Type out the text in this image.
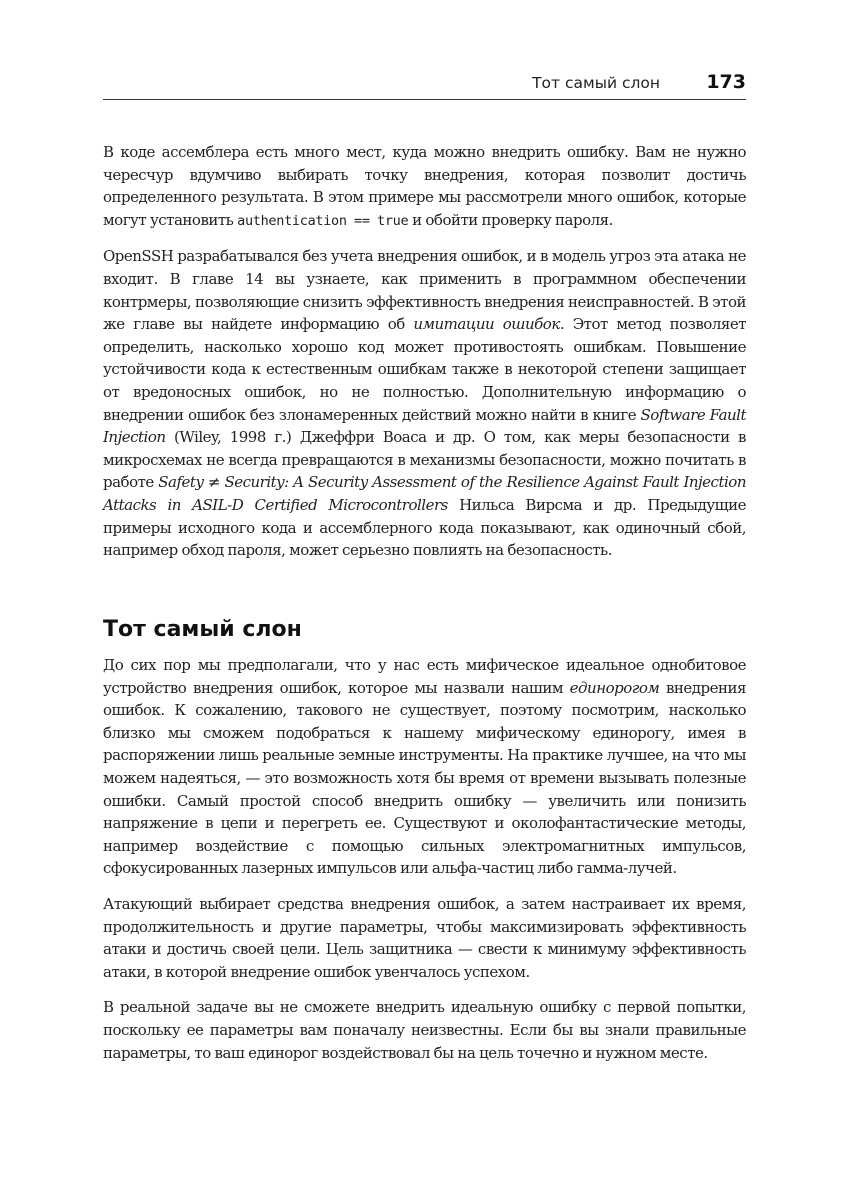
Тот самый слон 173

В коде ассемблера есть много мест, куда можно внедрить ошибку. Вам не нужно чересчур вдумчиво выбирать точку внедрения, которая позволит достичь определенного результата. В этом примере мы рассмотрели много ошибок, которые могут установить authentication == true и обойти проверку пароля.

OpenSSH разрабатывался без учета внедрения ошибок, и в модель угроз эта атака не входит. В главе 14 вы узнаете, как применить в программном обеспечении контрмеры, позволяющие снизить эффективность внедрения неисправностей. В этой же главе вы найдете информацию об имитации ошибок. Этот метод позволяет определить, насколько хорошо код может противостоять ошибкам. Повышение устойчивости кода к естественным ошибкам также в некоторой степени защищает от вредоносных ошибок, но не полностью. Дополнительную информацию о внедрении ошибок без злонамеренных действий можно найти в книге Software Fault Injection (Wiley, 1998 г.) Джеффри Воаса и др. О том, как меры безопасности в микросхемах не всегда превращаются в механизмы безопасности, можно почитать в работе Safety ≠ Security: A Security Assessment of the Resilience Against Fault Injection Attacks in ASIL-D Certified Microcontrollers Нильса Вирсма и др. Предыдущие примеры исходного кода и ассемблерного кода показывают, как одиночный сбой, например обход пароля, может серьезно повлиять на безопасность.

Тот самый слон

До сих пор мы предполагали, что у нас есть мифическое идеальное однобитовое устройство внедрения ошибок, которое мы назвали нашим единорогом внедрения ошибок. К сожалению, такового не существует, поэтому посмотрим, насколько близко мы сможем подобраться к нашему мифическому единорогу, имея в распоряжении лишь реальные земные инструменты. На практике лучшее, на что мы можем надеяться, — это возможность хотя бы время от времени вызывать полезные ошибки. Самый простой способ внедрить ошибку — увеличить или понизить напряжение в цепи и перегреть ее. Существуют и околофантастические методы, например воздействие с помощью сильных электромагнитных импульсов, сфокусированных лазерных импульсов или альфа-частиц либо гамма-лучей.

Атакующий выбирает средства внедрения ошибок, а затем настраивает их время, продолжительность и другие параметры, чтобы максимизировать эффективность атаки и достичь своей цели. Цель защитника — свести к минимуму эффективность атаки, в которой внедрение ошибок увенчалось успехом.

В реальной задаче вы не сможете внедрить идеальную ошибку с первой попытки, поскольку ее параметры вам поначалу неизвестны. Если бы вы знали правильные параметры, то ваш единорог воздействовал бы на цель точечно и нужном месте.
